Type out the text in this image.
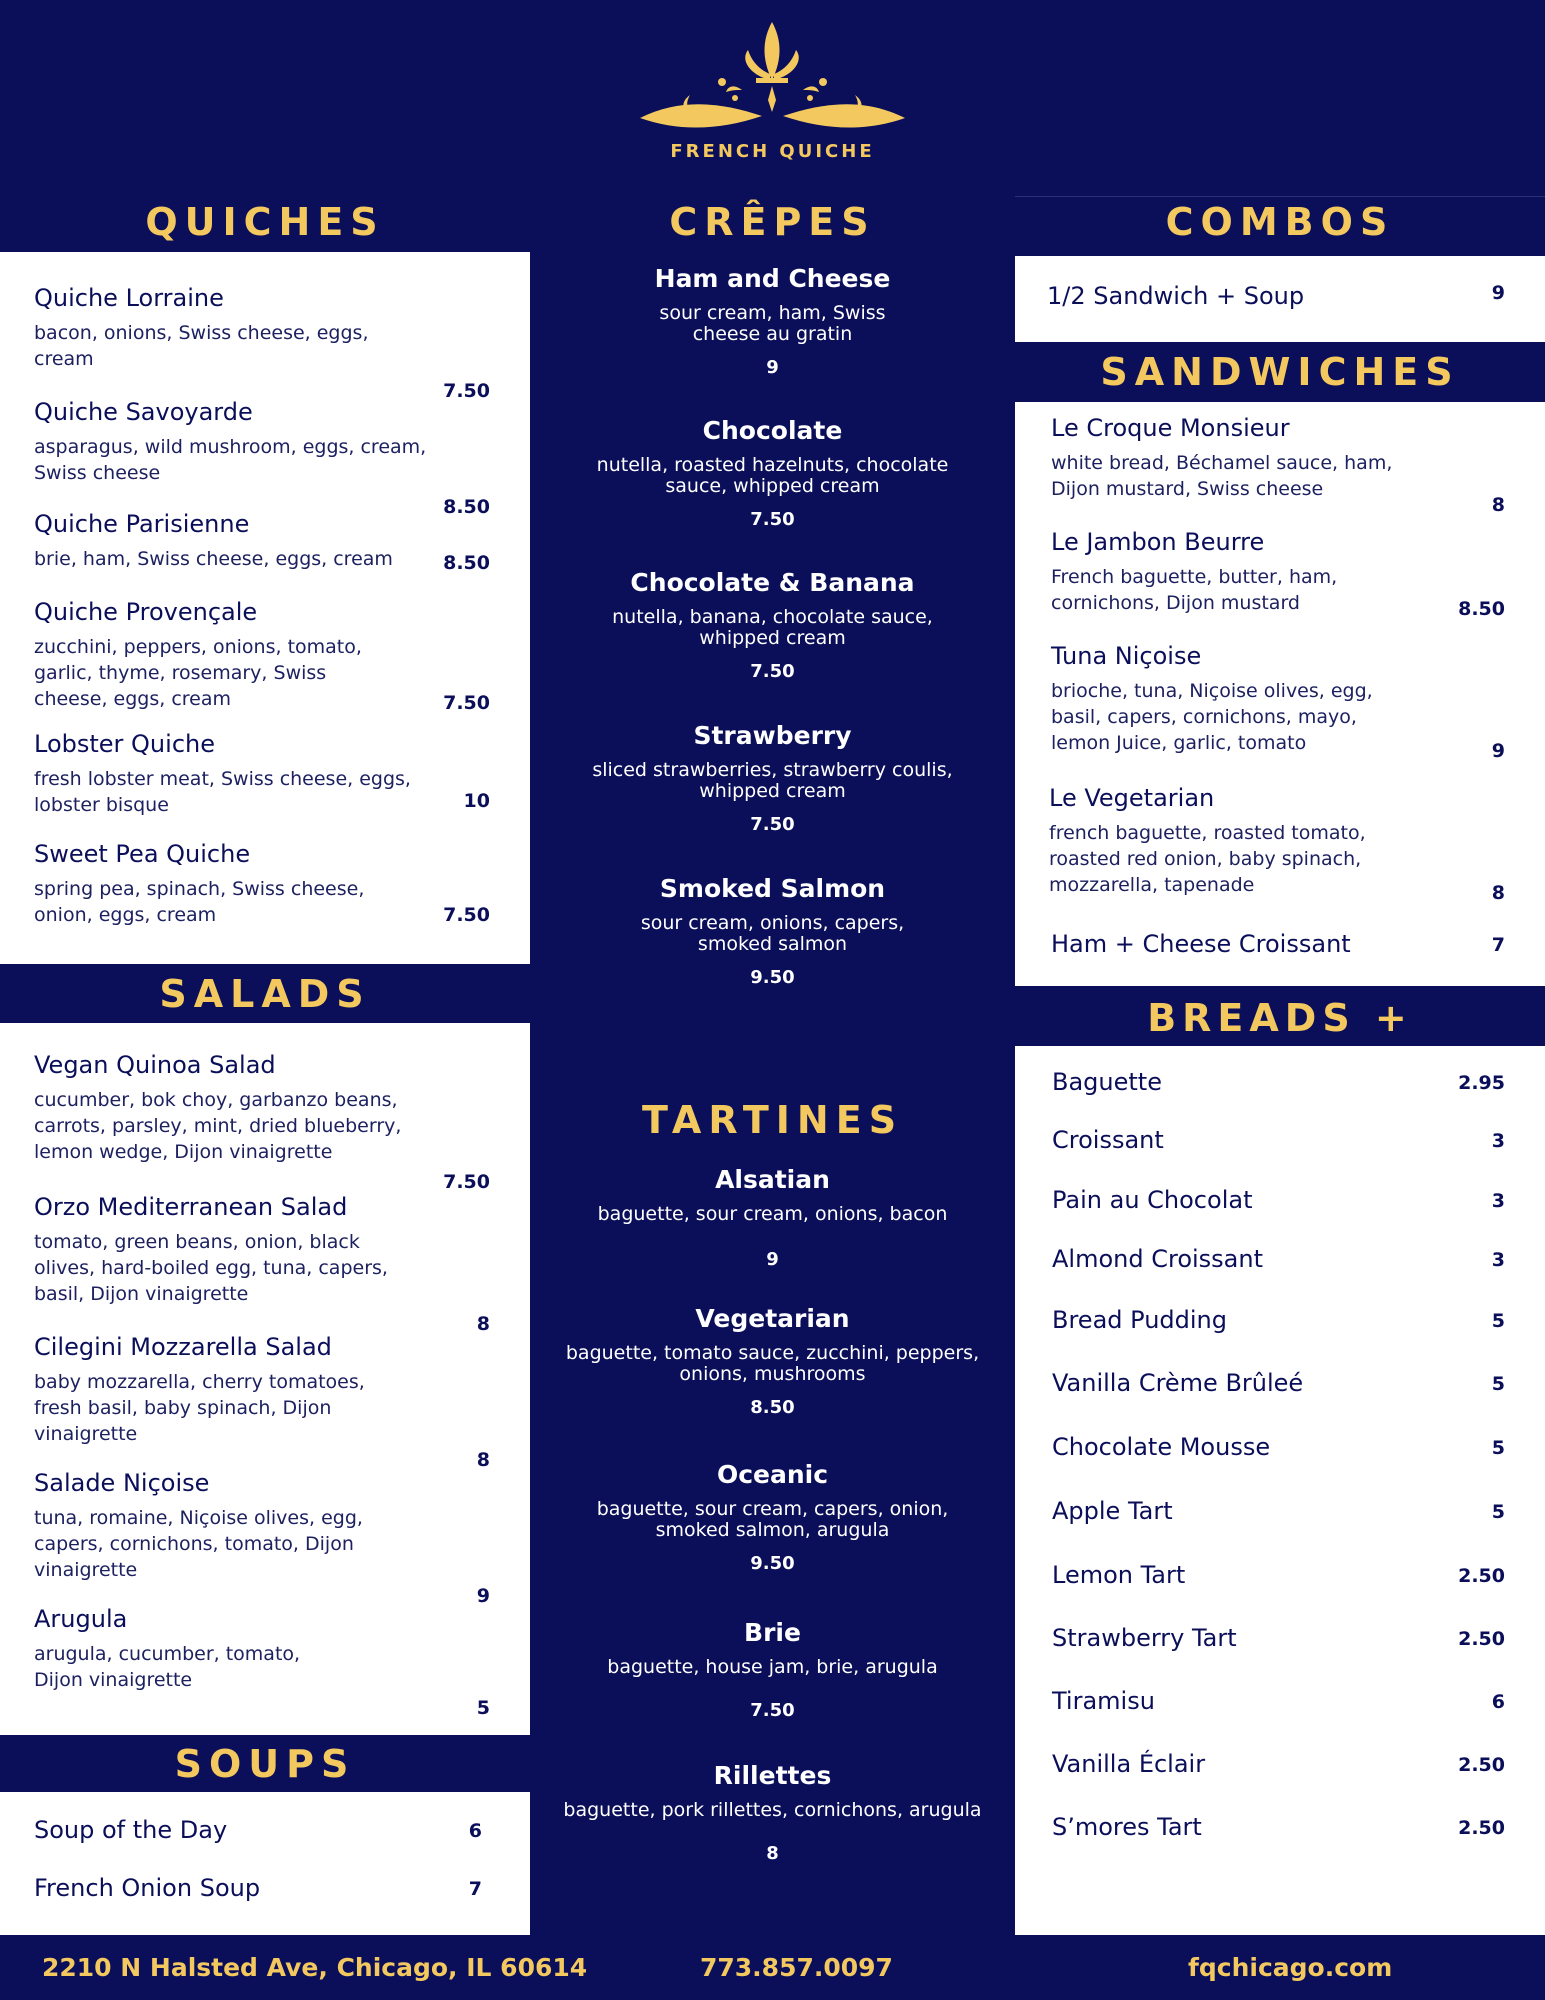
FRENCH QUICHE
QUICHES
Quiche Lorraine
bacon, onions, Swiss cheese, eggs, cream
7.50
Quiche Savoyarde
asparagus, wild mushroom, eggs, cream, Swiss cheese
8.50
Quiche Parisienne
brie, ham, Swiss cheese, eggs, cream	8.50
Quiche Provençale
zucchini, peppers, onions, tomato, garlic, thyme, rosemary, Swiss cheese, eggs, cream	7.50
Lobster Quiche
fresh lobster meat, Swiss cheese, eggs, lobster bisque	10
Sweet Pea Quiche
spring pea, spinach, Swiss cheese, onion, eggs, cream	7.50
SALADS
Vegan Quinoa Salad
cucumber, bok choy, garbanzo beans, carrots, parsley, mint, dried blueberry, lemon wedge, Dijon vinaigrette
7.50
Orzo Mediterranean Salad
tomato, green beans, onion, black olives, hard-boiled egg, tuna, capers, basil, Dijon vinaigrette
8
Cilegini Mozzarella Salad
baby mozzarella, cherry tomatoes, fresh basil, baby spinach, Dijon vinaigrette
8
Salade Niçoise
tuna, romaine, Niçoise olives, egg, capers, cornichons, tomato, Dijon vinaigrette
9
Arugula
arugula, cucumber, tomato, Dijon vinaigrette
5
SOUPS
Soup of the Day	6
French Onion Soup	7
CRÊPES
Ham and Cheese
sour cream, ham, Swiss cheese au gratin
9
Chocolate
nutella, roasted hazelnuts, chocolate sauce, whipped cream
7.50
Chocolate & Banana
nutella, banana, chocolate sauce, whipped cream
7.50
Strawberry
sliced strawberries, strawberry coulis, whipped cream
7.50
Smoked Salmon
sour cream, onions, capers, smoked salmon
9.50
TARTINES
Alsatian
baguette, sour cream, onions, bacon
9
Vegetarian
baguette, tomato sauce, zucchini, peppers, onions, mushrooms
8.50
Oceanic
baguette, sour cream, capers, onion, smoked salmon, arugula
9.50
Brie
baguette, house jam, brie, arugula
7.50
Rillettes
baguette, pork rillettes, cornichons, arugula
8
COMBOS
1/2 Sandwich + Soup	9
SANDWICHES
Le Croque Monsieur
white bread, Béchamel sauce, ham, Dijon mustard, Swiss cheese
8
Le Jambon Beurre
French baguette, butter, ham, cornichons, Dijon mustard	8.50
Tuna Niçoise
brioche, tuna, Niçoise olives, egg, basil, capers, cornichons, mayo, lemon Juice, garlic, tomato	9
Le Vegetarian
french baguette, roasted tomato, roasted red onion, baby spinach, mozzarella, tapenade	8
Ham + Cheese Croissant	7
BREADS +
Baguette	2.95
Croissant	3
Pain au Chocolat	3
Almond Croissant	3
Bread Pudding	5
Vanilla Crème Brûleé	5
Chocolate Mousse	5
Apple Tart	5
Lemon Tart	2.50
Strawberry Tart	2.50
Tiramisu	6
Vanilla Éclair	2.50
S’mores Tart	2.50
2210 N Halsted Ave, Chicago, IL 60614	773.857.0097	fqchicago.com
